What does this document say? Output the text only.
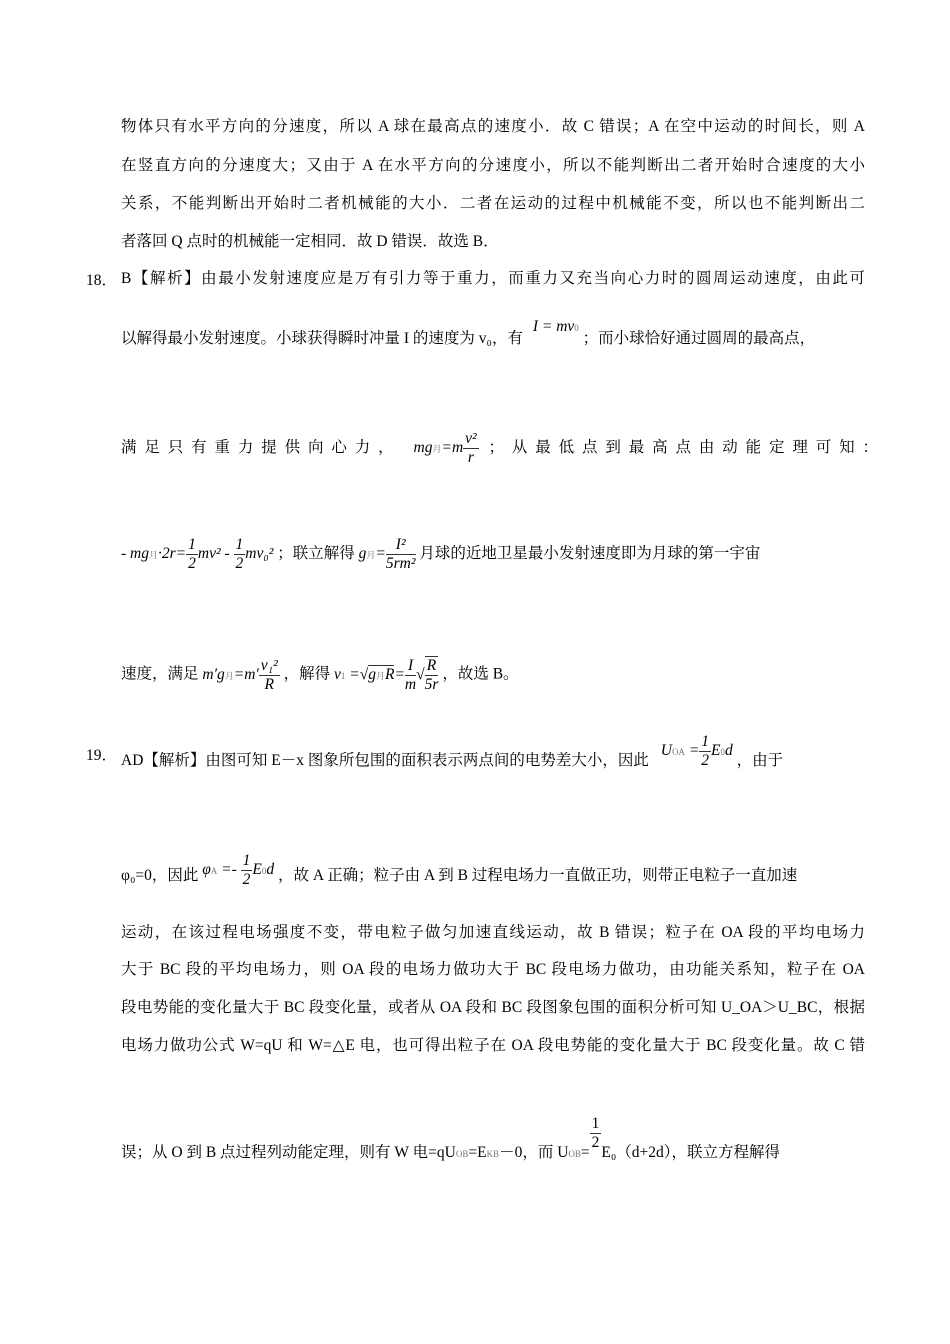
物体只有水平方向的分速度，所以 A 球在最高点的速度小．故 C 错误；A 在空中运动的时间长，则 A
在竖直方向的分速度大；又由于 A 在水平方向的分速度小，所以不能判断出二者开始时合速度的大小
关系，不能判断出开始时二者机械能的大小．二者在运动的过程中机械能不变，所以也不能判断出二
者落回 Q 点时的机械能一定相同．故 D 错误．故选 B．
18． B【解析】由最小发射速度应是万有引力等于重力，而重力又充当向心力时的圆周运动速度，由此可
以解得最小发射速度。小球获得瞬时冲量 I 的速度为 v₀，有 I = mv0 ；而小球恰好通过圆周的最高点，
满 足 只 有 重 力 提 供 向 心 力 ， mg月$=m \frac{\text{v²}}{r}$ ； 从 最 低 点 到 最 高 点 由 动 能 定 理 可 知 ：
- mg月$\cdot 2r= \frac{1}{2} mv^2 - \frac{1}{2} mv_0^2$ ；联立解得 g月= $\frac{\text{I²}}{\text{5rm²}}$ 月球的近地卫星最小发射速度即为月球的第一宇宙
速度，满足 m′g月$=m' \frac{\text{v₁²}}{R}$ ，解得 v1 =√g月$R= \frac{I}{m}$ √ $\frac{R}{5r}$ ，故选 B。
19． AD【解析】由图可知 E－x 图象所包围的面积表示两点间的电势差大小，因此 UOA = $\frac{1}{2} E0d$ ，由于
φ₀=0，因此 $\varphi A =- \frac{1}{2} E0d$ ，故 A 正确；粒子由 A 到 B 过程电场力一直做正功，则带正电粒子一直加速
运动，在该过程电场强度不变，带电粒子做匀加速直线运动，故 B 错误；粒子在 OA 段的平均电场力
大于 BC 段的平均电场力，则 OA 段的电场力做功大于 BC 段电场力做功，由功能关系知，粒子在 OA
段电势能的变化量大于 BC 段变化量，或者从 OA 段和 BC 段图象包围的面积分析可知 U_OA＞U_BC，根据
电场力做功公式 W=qU 和 W=△E 电，也可得出粒子在 OA 段电势能的变化量大于 BC 段变化量。故 C 错
误；从 O 到 B 点过程列动能定理，则有 W 电=qUOB=EKB－0，而 UOB=
$\frac{1}{2}$
E₀（d+2d），联立方程解得
